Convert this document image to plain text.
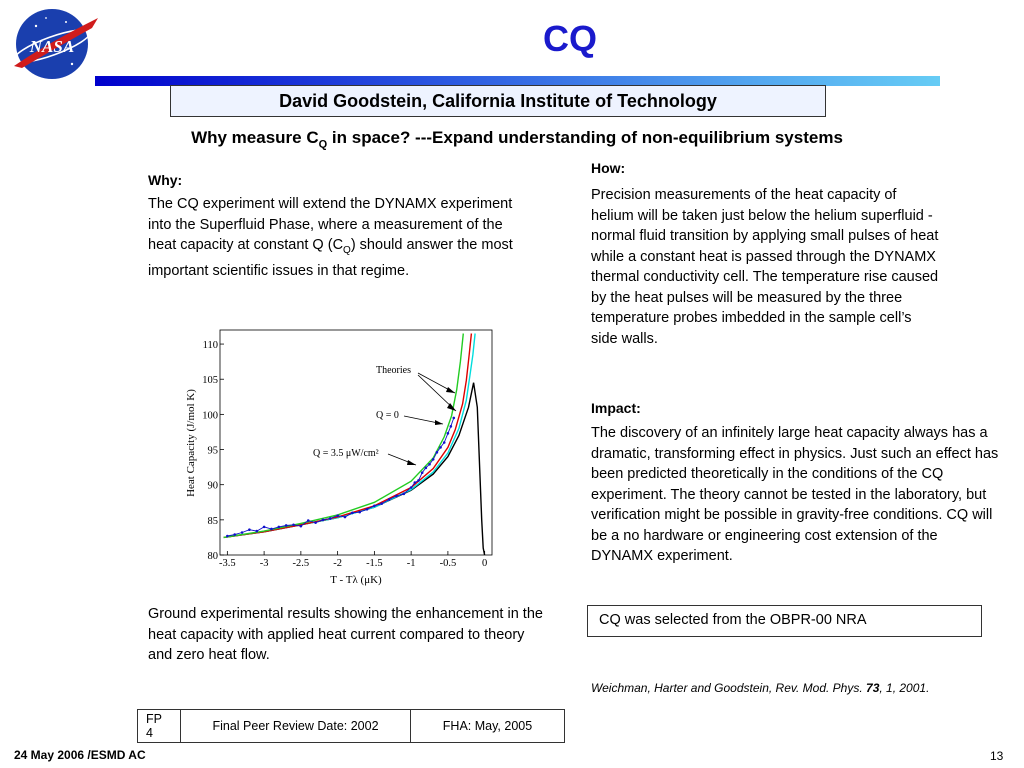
NASA	CQ
David Goodstein, California Institute of Technology
Why measure $C_Q$ in space? ---Expand understanding of non-equilibrium systems
Why:
The CQ experiment will extend the DYNAMX experiment into the Superfluid Phase, where a measurement of the heat capacity at constant Q $(C_Q)$ should answer the most important scientific issues in that regime.
How:
Precision measurements of the heat capacity of helium will be taken just below the helium superfluid - normal fluid transition by applying small pulses of heat while a constant heat is passed through the DYNAMX thermal conductivity cell. The temperature rise caused by the heat pulses will be measured by the three temperature probes imbedded in the sample cell’s side walls.
Impact:
The discovery of an infinitely large heat capacity always has a dramatic, transforming effect in physics. Just such an effect has been predicted theoretically in the conditions of the CQ experiment. The theory cannot be tested in the laboratory, but verification might be possible in gravity-free conditions. CQ will be a no hardware or engineering cost extension of the DYNAMX experiment.
-3.5 -3 -2.5 -2 -1.5 -1 -0.5 0
80
85
90
95
100
105
110
Heat Capacity (J/mol K)
T - Tλ (μK)
Theories
Q = 0
Q = 3.5 μW/cm²
Ground experimental results showing the enhancement in the heat capacity with applied heat current compared to theory and zero heat flow.
CQ was selected from the OBPR-00 NRA
Weichman, Harter and Goodstein, Rev. Mod. Phys. 73, 1, 2001.
FP 4	Final Peer Review Date: 2002	FHA: May, 2005
24 May 2006 /ESMD AC	13
